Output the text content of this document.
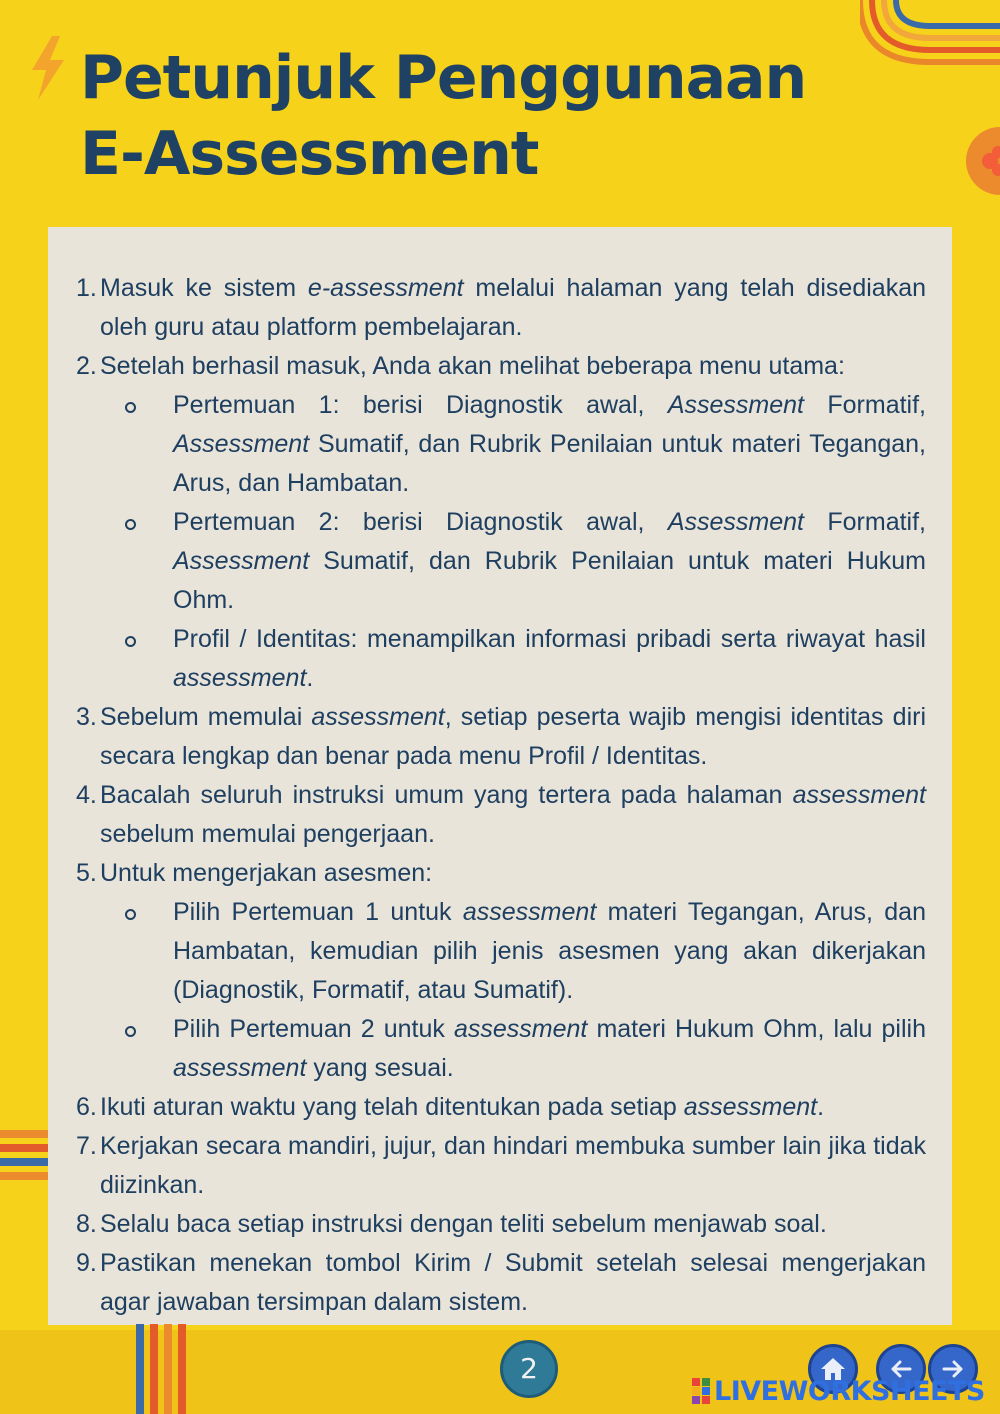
Petunjuk Penggunaan
E-Assessment
1. Masuk ke sistem e-assessment melalui halaman yang telah disediakan oleh guru atau platform pembelajaran.
2. Setelah berhasil masuk, Anda akan melihat beberapa menu utama:
Pertemuan 1: berisi Diagnostik awal, Assessment Formatif, Assessment Sumatif, dan Rubrik Penilaian untuk materi Tegangan, Arus, dan Hambatan.
Pertemuan 2: berisi Diagnostik awal, Assessment Formatif, Assessment Sumatif, dan Rubrik Penilaian untuk materi Hukum Ohm.
Profil / Identitas: menampilkan informasi pribadi serta riwayat hasil assessment.
3. Sebelum memulai assessment, setiap peserta wajib mengisi identitas diri secara lengkap dan benar pada menu Profil / Identitas.
4. Bacalah seluruh instruksi umum yang tertera pada halaman assessment sebelum memulai pengerjaan.
5. Untuk mengerjakan asesmen:
Pilih Pertemuan 1 untuk assessment materi Tegangan, Arus, dan Hambatan, kemudian pilih jenis asesmen yang akan dikerjakan (Diagnostik, Formatif, atau Sumatif).
Pilih Pertemuan 2 untuk assessment materi Hukum Ohm, lalu pilih assessment yang sesuai.
6. Ikuti aturan waktu yang telah ditentukan pada setiap assessment.
7. Kerjakan secara mandiri, jujur, dan hindari membuka sumber lain jika tidak diizinkan.
8. Selalu baca setiap instruksi dengan teliti sebelum menjawab soal.
9. Pastikan menekan tombol Kirim / Submit setelah selesai mengerjakan agar jawaban tersimpan dalam sistem.
2
LIVEWORKSHEETS
